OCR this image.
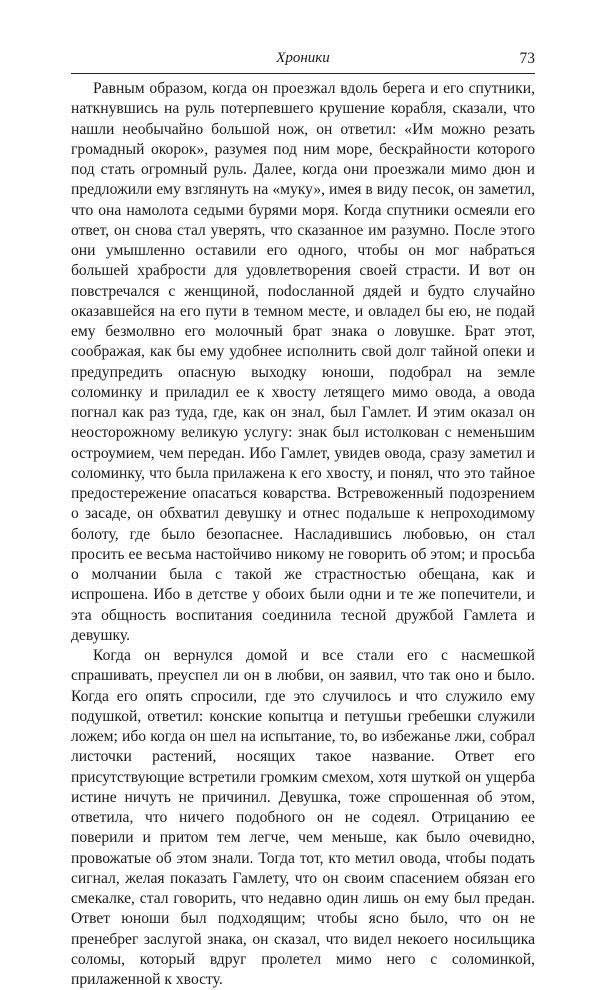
Хроники	73

Равным образом, когда он проезжал вдоль берега и его спутники, наткнувшись на руль потерпевшего крушение корабля, сказали, что нашли необычайно большой нож, он ответил: «Им можно резать громадный окорок», разумея под ним море, бескрайности которого под стать огромный руль. Далее, когда они проезжали мимо дюн и предложили ему взглянуть на «муку», имея в виду песок, он заметил, что она намолота седыми бурями моря. Когда спутники осмеяли его ответ, он снова стал уверять, что сказанное им разумно. После этого они умышленно оставили его одного, чтобы он мог набраться большей храбрости для удовлетворения своей страсти. И вот он повстречался с женщиной, поdосланной дядей и будто случайно оказавшейся на его пути в темном месте, и овладел бы ею, не подай ему безмолвно его молочный брат знака о ловушке. Брат этот, соображая, как бы ему удобнее исполнить свой долг тайной опеки и предупредить опасную выходку юноши, подобрал на земле соломинку и приладил ее к хвосту летящего мимо овода, а овода погнал как раз туда, где, как он знал, был Гамлет. И этим оказал он неосторожному великую услугу: знак был истолкован с неменьшим остроумием, чем передан. Ибо Гамлет, увидев овода, сразу заметил и соломинку, что была прилажена к его хвосту, и понял, что это тайное предостережение опасаться коварства. Встревоженный подозрением о засаде, он обхватил девушку и отнес подальше к непроходимому болоту, где было безопаснее. Насладившись любовью, он стал просить ее весьма настойчиво никому не говорить об этом; и просьба о молчании была с такой же страстностью обещана, как и испрошена. Ибо в детстве у обоих были одни и те же попечители, и эта общность воспитания соединила тесной дружбой Гамлета и девушку.

Когда он вернулся домой и все стали его с насмешкой спрашивать, преуспел ли он в любви, он заявил, что так оно и было. Когда его опять спросили, где это случилось и что служило ему подушкой, ответил: конские копытца и петушьи гребешки служили ложем; ибо когда он шел на испытание, то, во избежанье лжи, собрал листочки растений, носящих такое название. Ответ его присутствующие встретили громким смехом, хотя шуткой он ущерба истине ничуть не причинил. Девушка, тоже спрошенная об этом, ответила, что ничего подобного он не содеял. Отрицанию ее поверили и притом тем легче, чем меньше, как было очевидно, провожатые об этом знали. Тогда тот, кто метил овода, чтобы подать сигнал, желая показать Гамлету, что он своим спасением обязан его смекалке, стал говорить, что недавно один лишь он ему был предан. Ответ юноши был подходящим; чтобы ясно было, что он не пренебрег заслугой знака, он сказал, что видел некоего носильщика соломы, который вдруг пролетел мимо него с соломинкой, прилаженной к хвосту.
